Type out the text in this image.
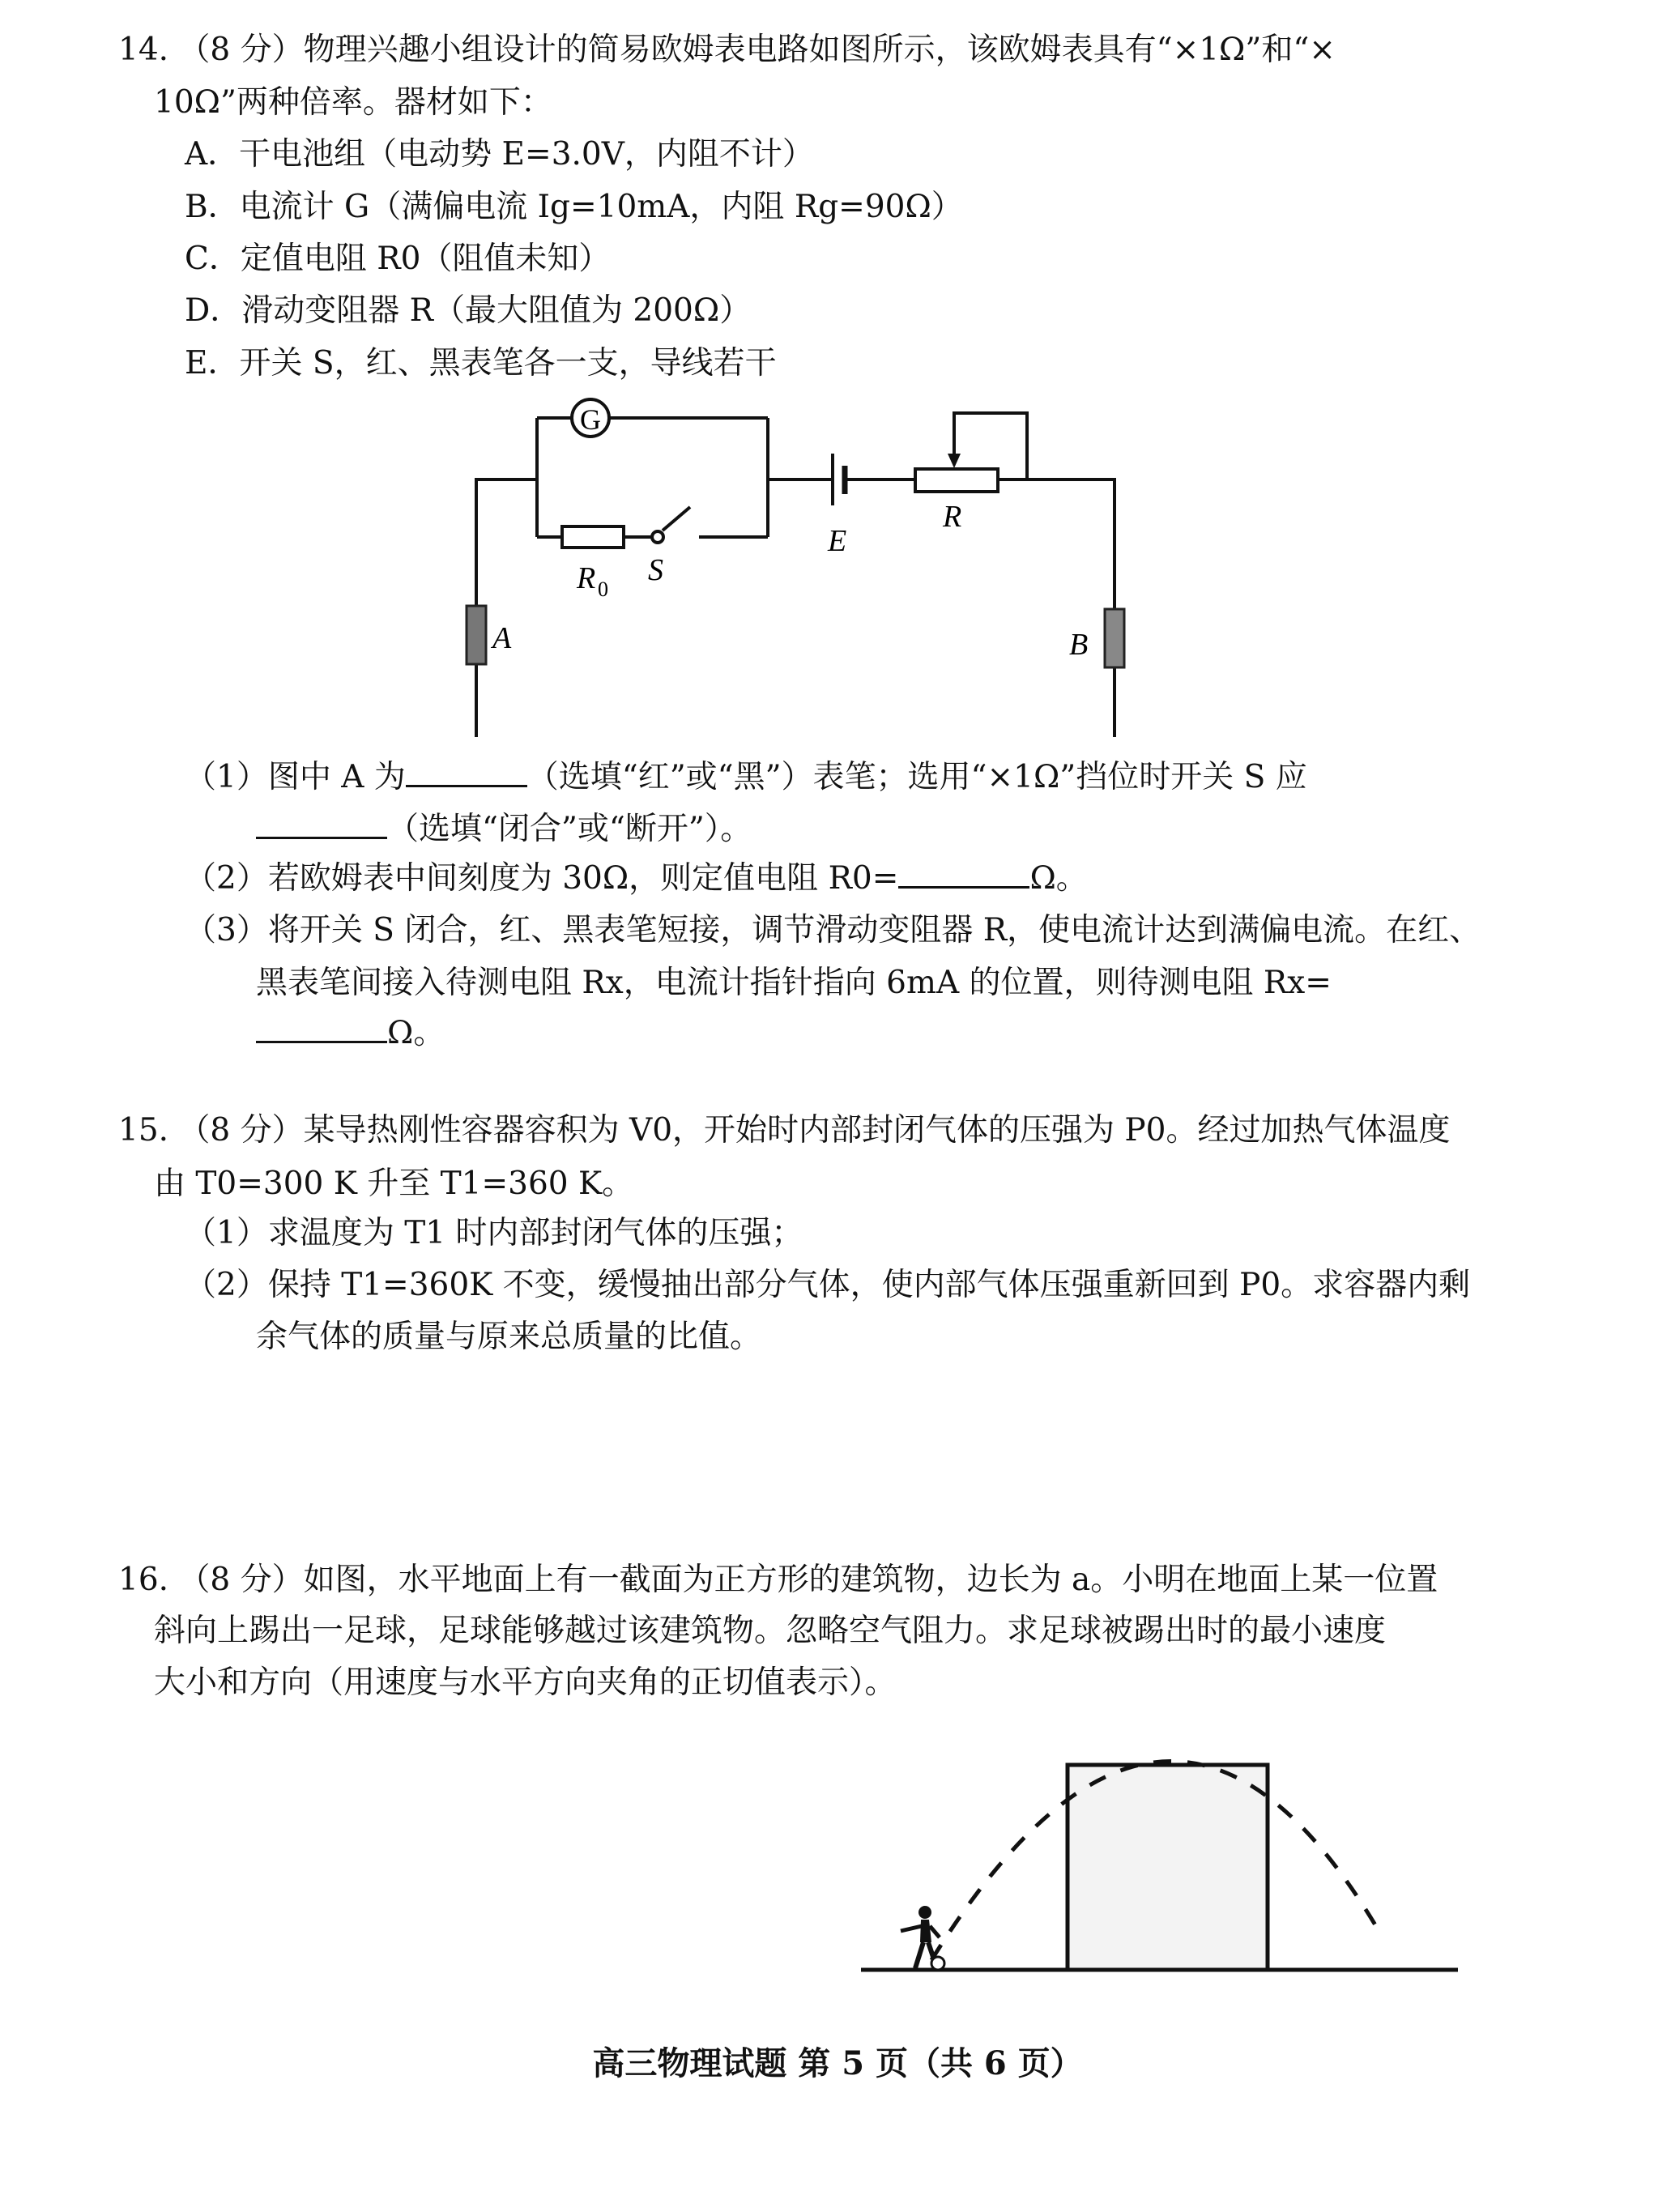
14. （8 分）物理兴趣小组设计的简易欧姆表电路如图所示，该欧姆表具有“×1Ω”和“×
10Ω”两种倍率。器材如下：
A．干电池组（电动势 E=3.0V，内阻不计）
B．电流计 G（满偏电流 Ig=10mA，内阻 Rg=90Ω）
C．定值电阻 R0（阻值未知）
D．滑动变阻器 R（最大阻值为 200Ω）
E．开关 S，红、黑表笔各一支，导线若干
G
R 0
S
E
R
A	B
（1）图中 A 为	（选填“红”或“黑”）表笔；选用“×1Ω”挡位时开关 S 应
（选填“闭合”或“断开”）。
（2）若欧姆表中间刻度为 30Ω，则定值电阻 R0=	Ω。
（3）将开关 S 闭合，红、黑表笔短接，调节滑动变阻器 R，使电流计达到满偏电流。在红、
黑表笔间接入待测电阻 Rx，电流计指针指向 6mA 的位置，则待测电阻 Rx=
Ω。
15. （8 分）某导热刚性容器容积为 V0，开始时内部封闭气体的压强为 P0。经过加热气体温度
由 T0=300 K 升至 T1=360 K。
（1）求温度为 T1 时内部封闭气体的压强；
（2）保持 T1=360K 不变，缓慢抽出部分气体，使内部气体压强重新回到 P0。求容器内剩
余气体的质量与原来总质量的比值。
16. （8 分）如图，水平地面上有一截面为正方形的建筑物，边长为 a。小明在地面上某一位置
斜向上踢出一足球，足球能够越过该建筑物。忽略空气阻力。求足球被踢出时的最小速度
大小和方向（用速度与水平方向夹角的正切值表示）。
高三物理试题 第 5 页（共 6 页）
